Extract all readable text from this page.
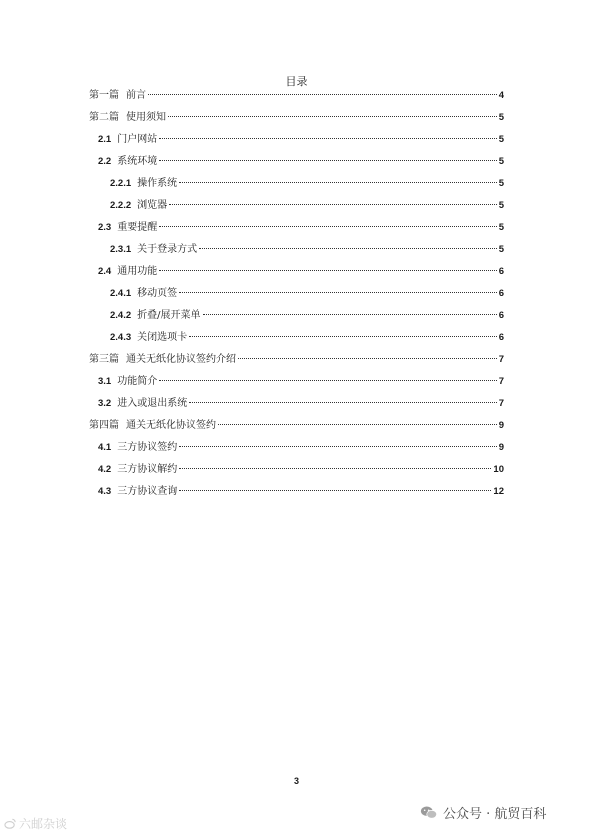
目录
第一篇 前言	4
第二篇 使用须知	5
2.1 门户网站	5
2.2 系统环境	5
2.2.1 操作系统	5
2.2.2 浏览器	5
2.3 重要提醒	5
2.3.1 关于登录方式	5
2.4 通用功能	6
2.4.1 移动页签	6
2.4.2 折叠/展开菜单	6
2.4.3 关闭选项卡	6
第三篇 通关无纸化协议签约介绍	7
3.1 功能简介	7
3.2 进入或退出系统	7
第四篇 通关无纸化协议签约	9
4.1 三方协议签约	9
4.2 三方协议解约	10
4.3 三方协议查询	12
3
六邮杂谈
公众号 · 航贸百科
